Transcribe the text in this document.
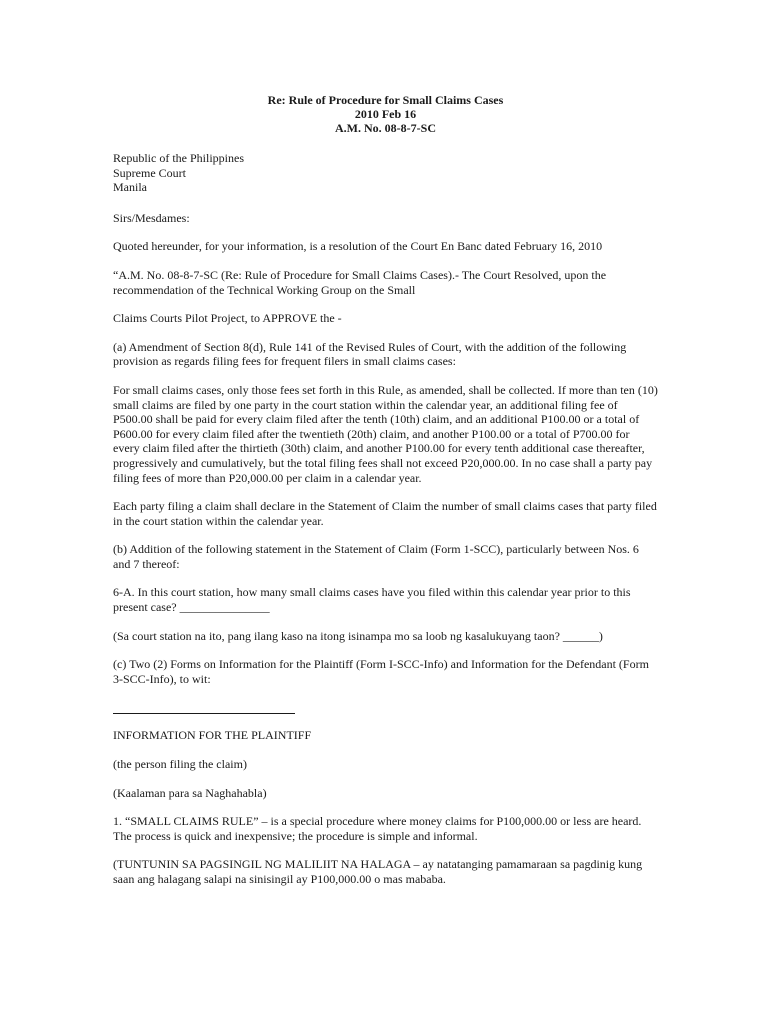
Re: Rule of Procedure for Small Claims Cases
2010 Feb 16
A.M. No. 08-8-7-SC
Republic of the Philippines
Supreme Court
Manila

Sirs/Mesdames:

Quoted hereunder, for your information, is a resolution of the Court En Banc dated February 16, 2010

“A.M. No. 08-8-7-SC (Re: Rule of Procedure for Small Claims Cases).- The Court Resolved, upon the recommendation of the Technical Working Group on the Small

Claims Courts Pilot Project, to APPROVE the -

(a) Amendment of Section 8(d), Rule 141 of the Revised Rules of Court, with the addition of the following provision as regards filing fees for frequent filers in small claims cases:

For small claims cases, only those fees set forth in this Rule, as amended, shall be collected. If more than ten (10) small claims are filed by one party in the court station within the calendar year, an additional filing fee of P500.00 shall be paid for every claim filed after the tenth (10th) claim, and an additional P100.00 or a total of P600.00 for every claim filed after the twentieth (20th) claim, and another P100.00 or a total of P700.00 for every claim filed after the thirtieth (30th) claim, and another P100.00 for every tenth additional case thereafter, progressively and cumulatively, but the total filing fees shall not exceed P20,000.00. In no case shall a party pay filing fees of more than P20,000.00 per claim in a calendar year.

Each party filing a claim shall declare in the Statement of Claim the number of small claims cases that party filed in the court station within the calendar year.

(b) Addition of the following statement in the Statement of Claim (Form 1-SCC), particularly between Nos. 6 and 7 thereof:

6-A. In this court station, how many small claims cases have you filed within this calendar year prior to this present case? _______________

(Sa court station na ito, pang ilang kaso na itong isinampa mo sa loob ng kasalukuyang taon? ______)

(c) Two (2) Forms on Information for the Plaintiff (Form I-SCC-Info) and Information for the Defendant (Form 3-SCC-Info), to wit:

INFORMATION FOR THE PLAINTIFF

(the person filing the claim)

(Kaalaman para sa Naghahabla)

1. “SMALL CLAIMS RULE” – is a special procedure where money claims for P100,000.00 or less are heard. The process is quick and inexpensive; the procedure is simple and informal.

(TUNTUNIN SA PAGSINGIL NG MALILIIT NA HALAGA – ay natatanging pamamaraan sa pagdinig kung saan ang halagang salapi na sinisingil ay P100,000.00 o mas mababa.
